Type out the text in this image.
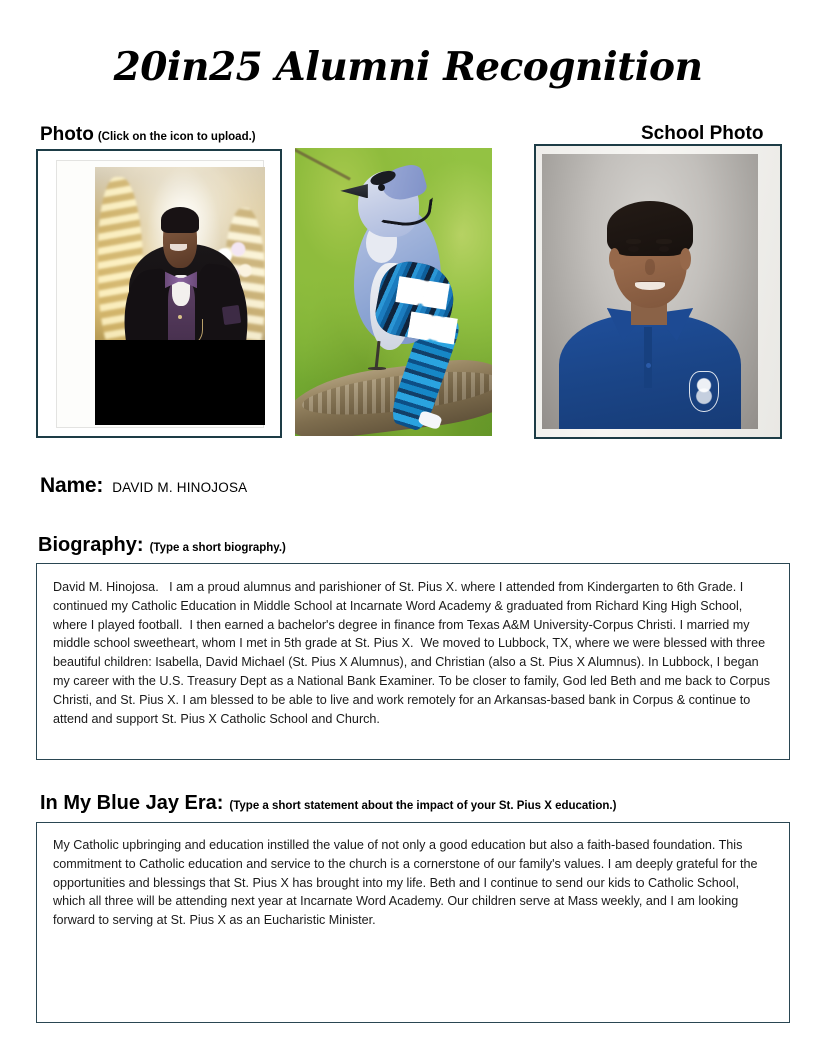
20in25 Alumni Recognition
Photo (Click on the icon to upload.)	School Photo
Name: DAVID M. HINOJOSA
Biography: (Type a short biography.)
David M. Hinojosa.   I am a proud alumnus and parishioner of St. Pius X. where I attended from Kindergarten to 6th Grade. I continued my Catholic Education in Middle School at Incarnate Word Academy & graduated from Richard King High School, where I played football.  I then earned a bachelor's degree in finance from Texas A&M University-Corpus Christi. I married my middle school sweetheart, whom I met in 5th grade at St. Pius X.  We moved to Lubbock, TX, where we were blessed with three beautiful children: Isabella, David Michael (St. Pius X Alumnus), and Christian (also a St. Pius X Alumnus). In Lubbock, I began my career with the U.S. Treasury Dept as a National Bank Examiner. To be closer to family, God led Beth and me back to Corpus Christi, and St. Pius X. I am blessed to be able to live and work remotely for an Arkansas-based bank in Corpus & continue to attend and support St. Pius X Catholic School and Church.
In My Blue Jay Era: (Type a short statement about the impact of your St. Pius X education.)
My Catholic upbringing and education instilled the value of not only a good education but also a faith-based foundation. This commitment to Catholic education and service to the church is a cornerstone of our family's values. I am deeply grateful for the opportunities and blessings that St. Pius X has brought into my life. Beth and I continue to send our kids to Catholic School, which all three will be attending next year at Incarnate Word Academy. Our children serve at Mass weekly, and I am looking forward to serving at St. Pius X as an Eucharistic Minister.
